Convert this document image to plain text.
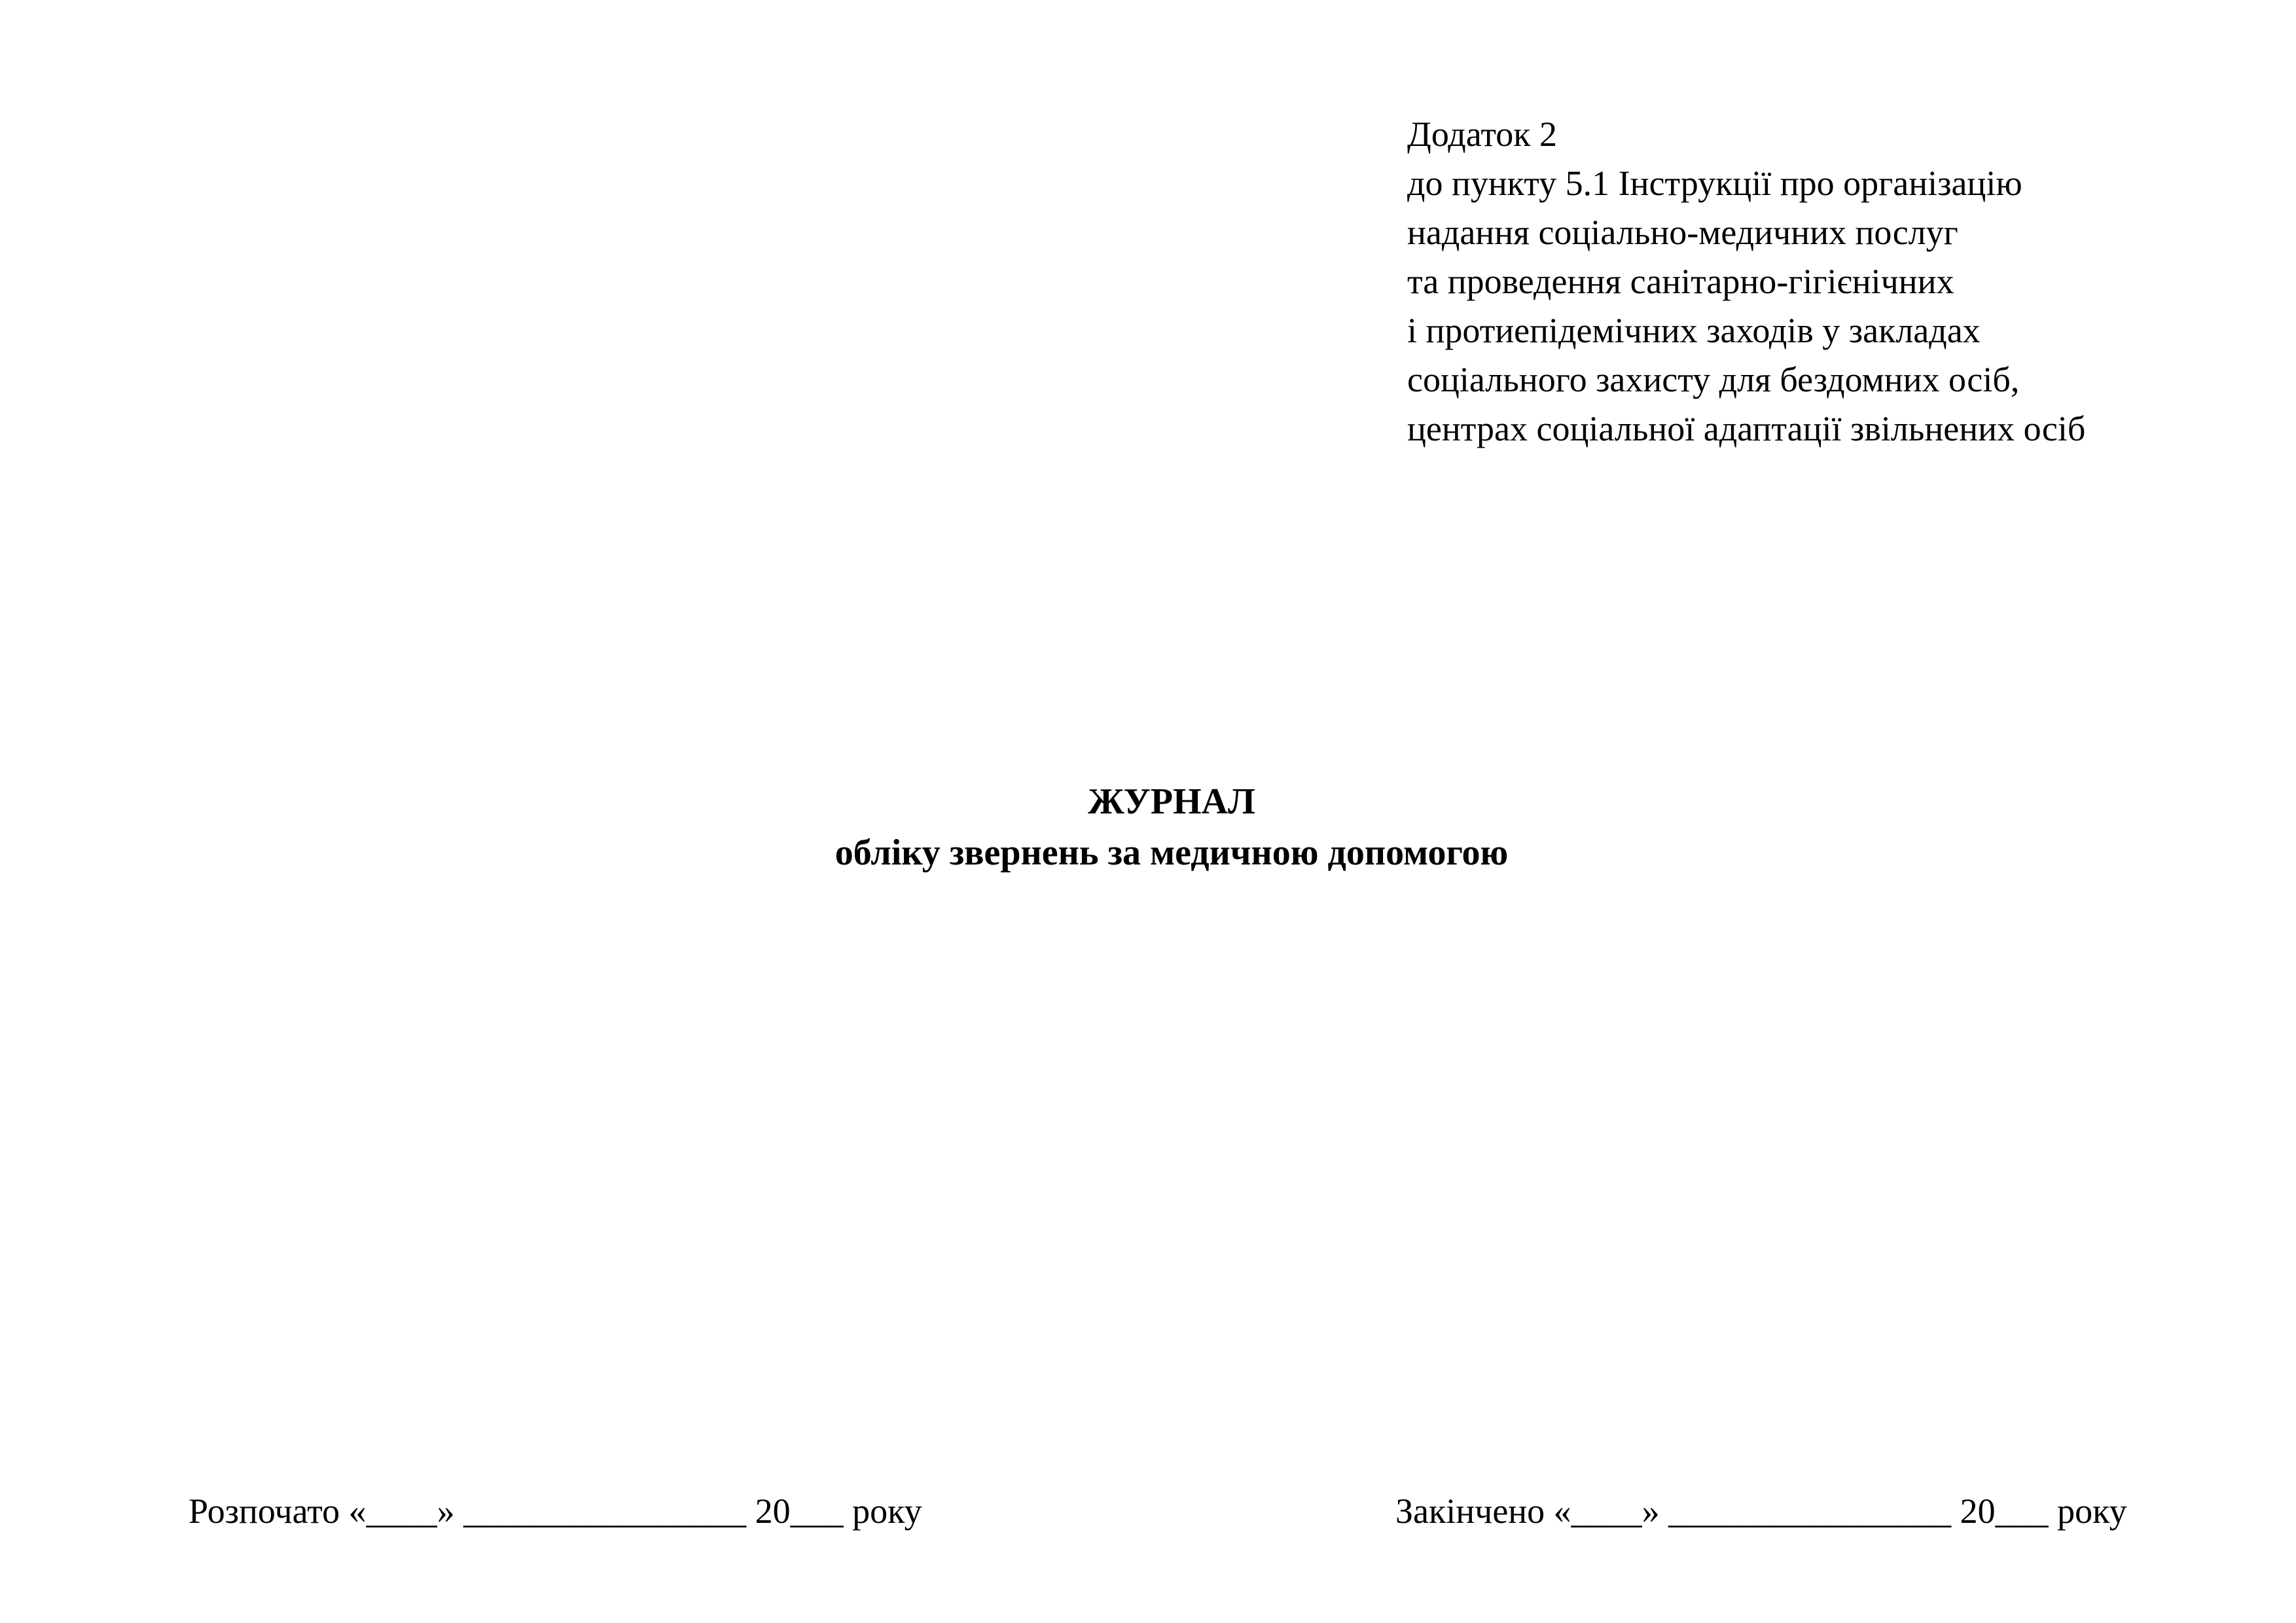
Додаток 2
до пункту 5.1 Інструкції про організацію
надання соціально-медичних послуг
та проведення санітарно-гігієнічних
і протиепідемічних заходів у закладах
соціального захисту для бездомних осіб,
центрах соціальної адаптації звільнених осіб
ЖУРНАЛ
обліку звернень за медичною допомогою
Розпочато «____» ________________ 20___ року	Закінчено «____» ________________ 20___ року
